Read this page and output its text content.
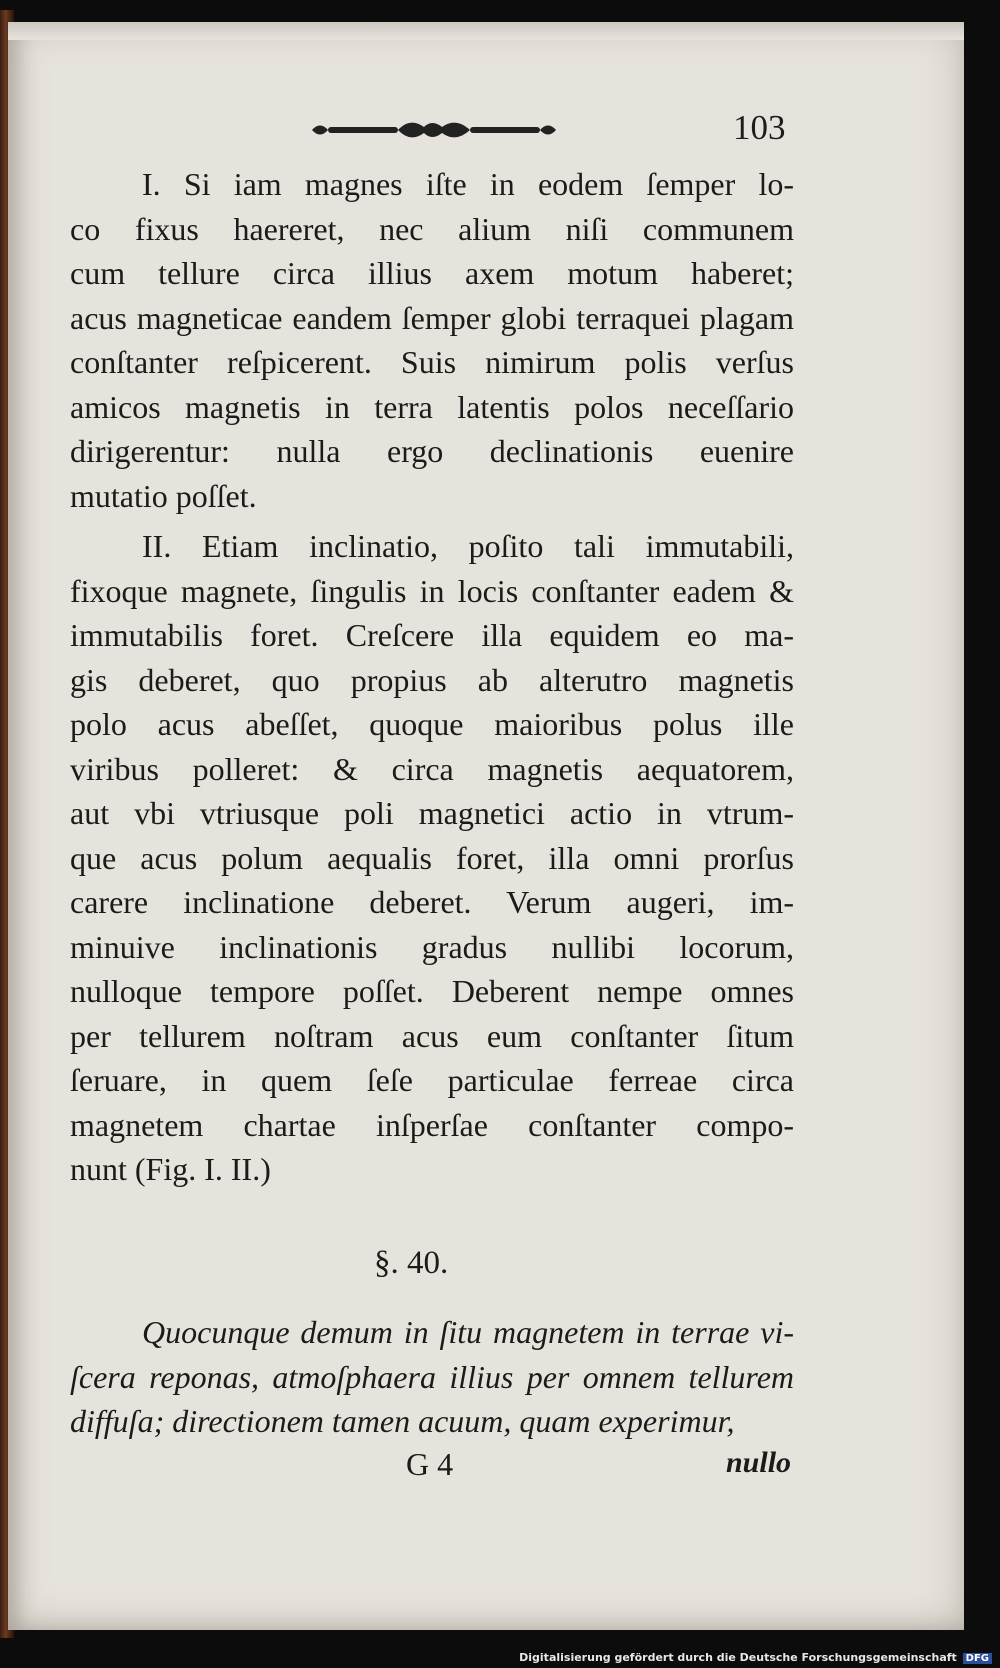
103
I. Si iam magnes iſte in eodem ſemper lo-
co fixus haereret, nec alium niſi communem
cum tellure circa illius axem motum haberet;
acus magneticae eandem ſemper globi terraquei plagam
conſtanter reſpicerent. Suis nimirum polis verſus
amicos magnetis in terra latentis polos neceſſario
dirigerentur: nulla ergo declinationis euenire
mutatio poſſet.
II. Etiam inclinatio, poſito tali immutabili,
fixoque magnete, ſingulis in locis conſtanter eadem &
immutabilis foret. Creſcere illa equidem eo ma-
gis deberet, quo propius ab alterutro magnetis
polo acus abeſſet, quoque maioribus polus ille
viribus polleret: & circa magnetis aequatorem,
aut vbi vtriusque poli magnetici actio in vtrum-
que acus polum aequalis foret, illa omni prorſus
carere inclinatione deberet. Verum augeri, im-
minuive inclinationis gradus nullibi locorum,
nulloque tempore poſſet. Deberent nempe omnes
per tellurem noſtram acus eum conſtanter ſitum
ſeruare, in quem ſeſe particulae ferreae circa
magnetem chartae inſperſae conſtanter compo-
nunt (Fig. I. II.)
§. 40.
Quocunque demum in ſitu magnetem in terrae vi-
ſcera reponas, atmoſphaera illius per omnem tellurem
diffuſa; directionem tamen acuum, quam experimur,
G 4	nullo
Digitalisierung gefördert durch die Deutsche Forschungsgemeinschaft DFG
